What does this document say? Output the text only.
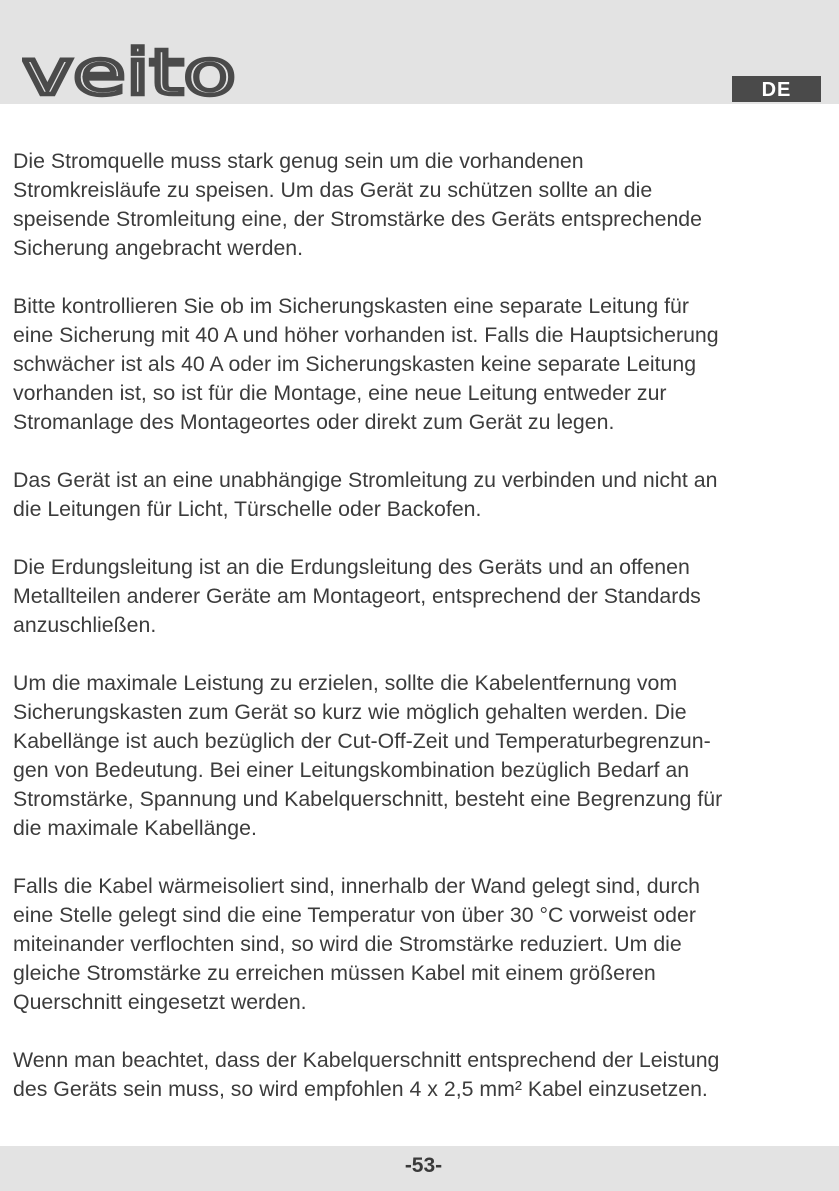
veito	DE

Die Stromquelle muss stark genug sein um die vorhandenen
Stromkreisläufe zu speisen. Um das Gerät zu schützen sollte an die
speisende Stromleitung eine, der Stromstärke des Geräts entsprechende
Sicherung angebracht werden.

Bitte kontrollieren Sie ob im Sicherungskasten eine separate Leitung für
eine Sicherung mit 40 A und höher vorhanden ist. Falls die Hauptsicherung
schwächer ist als 40 A oder im Sicherungskasten keine separate Leitung
vorhanden ist, so ist für die Montage, eine neue Leitung entweder zur
Stromanlage des Montageortes oder direkt zum Gerät zu legen.

Das Gerät ist an eine unabhängige Stromleitung zu verbinden und nicht an
die Leitungen für Licht, Türschelle oder Backofen.

Die Erdungsleitung ist an die Erdungsleitung des Geräts und an offenen
Metallteilen anderer Geräte am Montageort, entsprechend der Standards
anzuschließen.

Um die maximale Leistung zu erzielen, sollte die Kabelentfernung vom
Sicherungskasten zum Gerät so kurz wie möglich gehalten werden. Die
Kabellänge ist auch bezüglich der Cut-Off-Zeit und Temperaturbegrenzun-
gen von Bedeutung. Bei einer Leitungskombination bezüglich Bedarf an
Stromstärke, Spannung und Kabelquerschnitt, besteht eine Begrenzung für
die maximale Kabellänge.

Falls die Kabel wärmeisoliert sind, innerhalb der Wand gelegt sind, durch
eine Stelle gelegt sind die eine Temperatur von über 30 °C vorweist oder
miteinander verflochten sind, so wird die Stromstärke reduziert. Um die
gleiche Stromstärke zu erreichen müssen Kabel mit einem größeren
Querschnitt eingesetzt werden.

Wenn man beachtet, dass der Kabelquerschnitt entsprechend der Leistung
des Geräts sein muss, so wird empfohlen 4 x 2,5 mm² Kabel einzusetzen.

-53-
